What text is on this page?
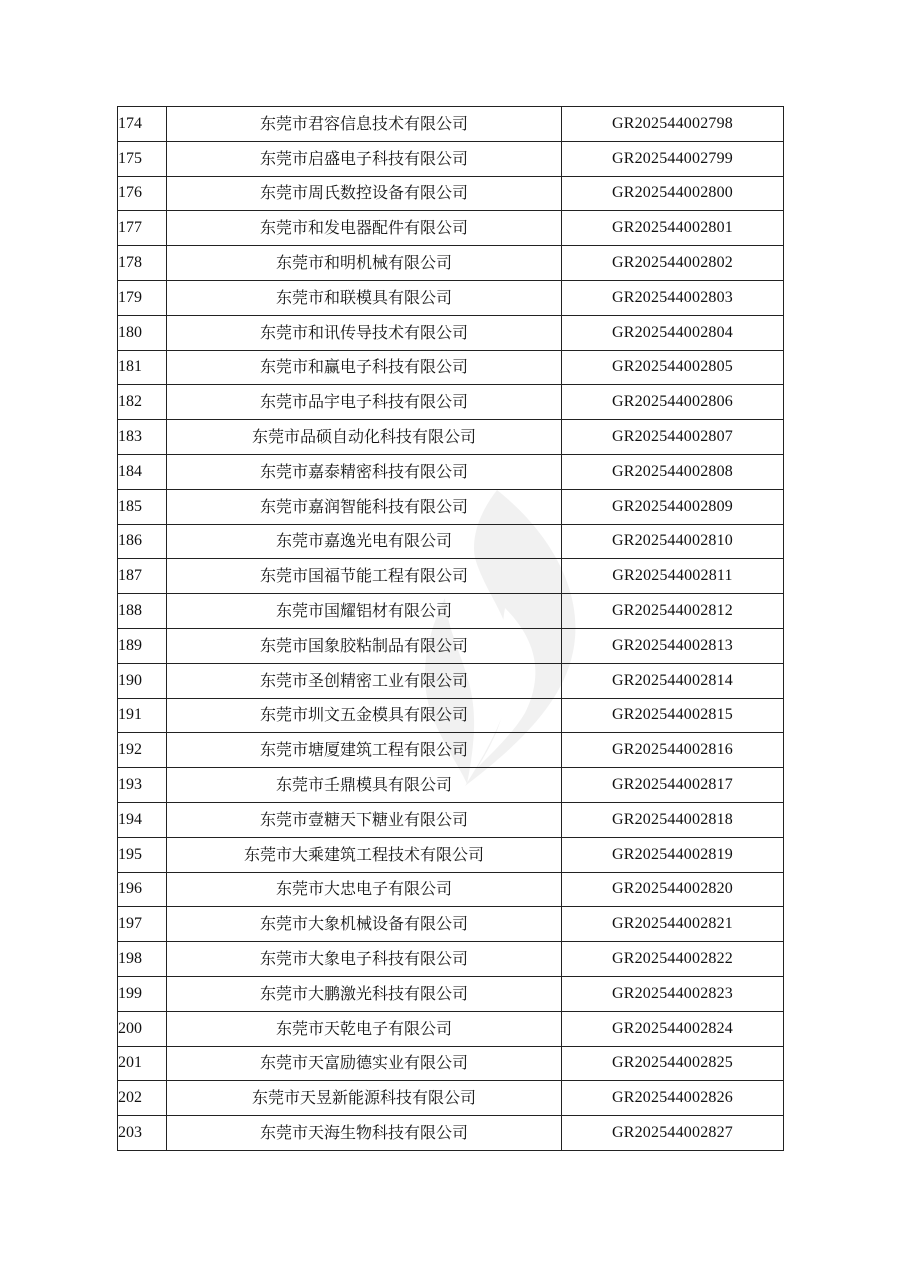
174	东莞市君容信息技术有限公司	GR202544002798
175	东莞市启盛电子科技有限公司	GR202544002799
176	东莞市周氏数控设备有限公司	GR202544002800
177	东莞市和发电器配件有限公司	GR202544002801
178	东莞市和明机械有限公司	GR202544002802
179	东莞市和联模具有限公司	GR202544002803
180	东莞市和讯传导技术有限公司	GR202544002804
181	东莞市和赢电子科技有限公司	GR202544002805
182	东莞市品宇电子科技有限公司	GR202544002806
183	东莞市品硕自动化科技有限公司	GR202544002807
184	东莞市嘉泰精密科技有限公司	GR202544002808
185	东莞市嘉润智能科技有限公司	GR202544002809
186	东莞市嘉逸光电有限公司	GR202544002810
187	东莞市国福节能工程有限公司	GR202544002811
188	东莞市国耀铝材有限公司	GR202544002812
189	东莞市国象胶粘制品有限公司	GR202544002813
190	东莞市圣创精密工业有限公司	GR202544002814
191	东莞市圳文五金模具有限公司	GR202544002815
192	东莞市塘厦建筑工程有限公司	GR202544002816
193	东莞市壬鼎模具有限公司	GR202544002817
194	东莞市壹糖天下糖业有限公司	GR202544002818
195	东莞市大乘建筑工程技术有限公司	GR202544002819
196	东莞市大忠电子有限公司	GR202544002820
197	东莞市大象机械设备有限公司	GR202544002821
198	东莞市大象电子科技有限公司	GR202544002822
199	东莞市大鹏激光科技有限公司	GR202544002823
200	东莞市天乾电子有限公司	GR202544002824
201	东莞市天富励德实业有限公司	GR202544002825
202	东莞市天昱新能源科技有限公司	GR202544002826
203	东莞市天海生物科技有限公司	GR202544002827
